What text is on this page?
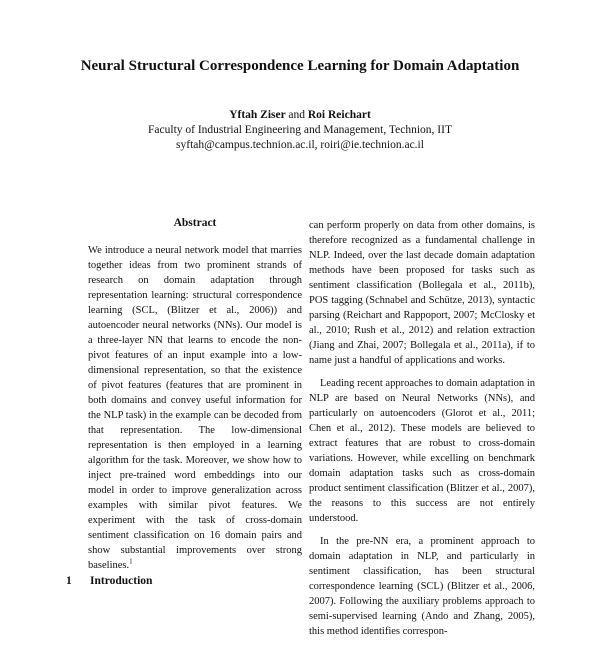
Neural Structural Correspondence Learning for Domain Adaptation
Yftah Ziser and Roi Reichart
Faculty of Industrial Engineering and Management, Technion, IIT
syftah@campus.technion.ac.il, roiri@ie.technion.ac.il
Abstract

We introduce a neural network model that marries together ideas from two prominent strands of research on domain adaptation through representation learning: structural correspondence learning (SCL, (Blitzer et al., 2006)) and autoencoder neural networks (NNs). Our model is a three-layer NN that learns to encode the non-pivot features of an input example into a low-dimensional representation, so that the existence of pivot features (features that are prominent in both domains and convey useful information for the NLP task) in the example can be decoded from that representation. The low-dimensional representation is then employed in a learning algorithm for the task. Moreover, we show how to inject pre-trained word embeddings into our model in order to improve generalization across examples with similar pivot features. We experiment with the task of cross-domain sentiment classification on 16 domain pairs and show substantial improvements over strong baselines.$^1$

1 Introduction

can perform properly on data from other domains, is therefore recognized as a fundamental challenge in NLP. Indeed, over the last decade domain adaptation methods have been proposed for tasks such as sentiment classification (Bollegala et al., 2011b), POS tagging (Schnabel and Schütze, 2013), syntactic parsing (Reichart and Rappoport, 2007; McClosky et al., 2010; Rush et al., 2012) and relation extraction (Jiang and Zhai, 2007; Bollegala et al., 2011a), if to name just a handful of applications and works.

Leading recent approaches to domain adaptation in NLP are based on Neural Networks (NNs), and particularly on autoencoders (Glorot et al., 2011; Chen et al., 2012). These models are believed to extract features that are robust to cross-domain variations. However, while excelling on benchmark domain adaptation tasks such as cross-domain product sentiment classification (Blitzer et al., 2007), the reasons to this success are not entirely understood.

In the pre-NN era, a prominent approach to domain adaptation in NLP, and particularly in sentiment classification, has been structural correspondence learning (SCL) (Blitzer et al., 2006, 2007). Following the auxiliary problems approach to semi-supervised learning (Ando and Zhang, 2005), this method identifies correspon-
